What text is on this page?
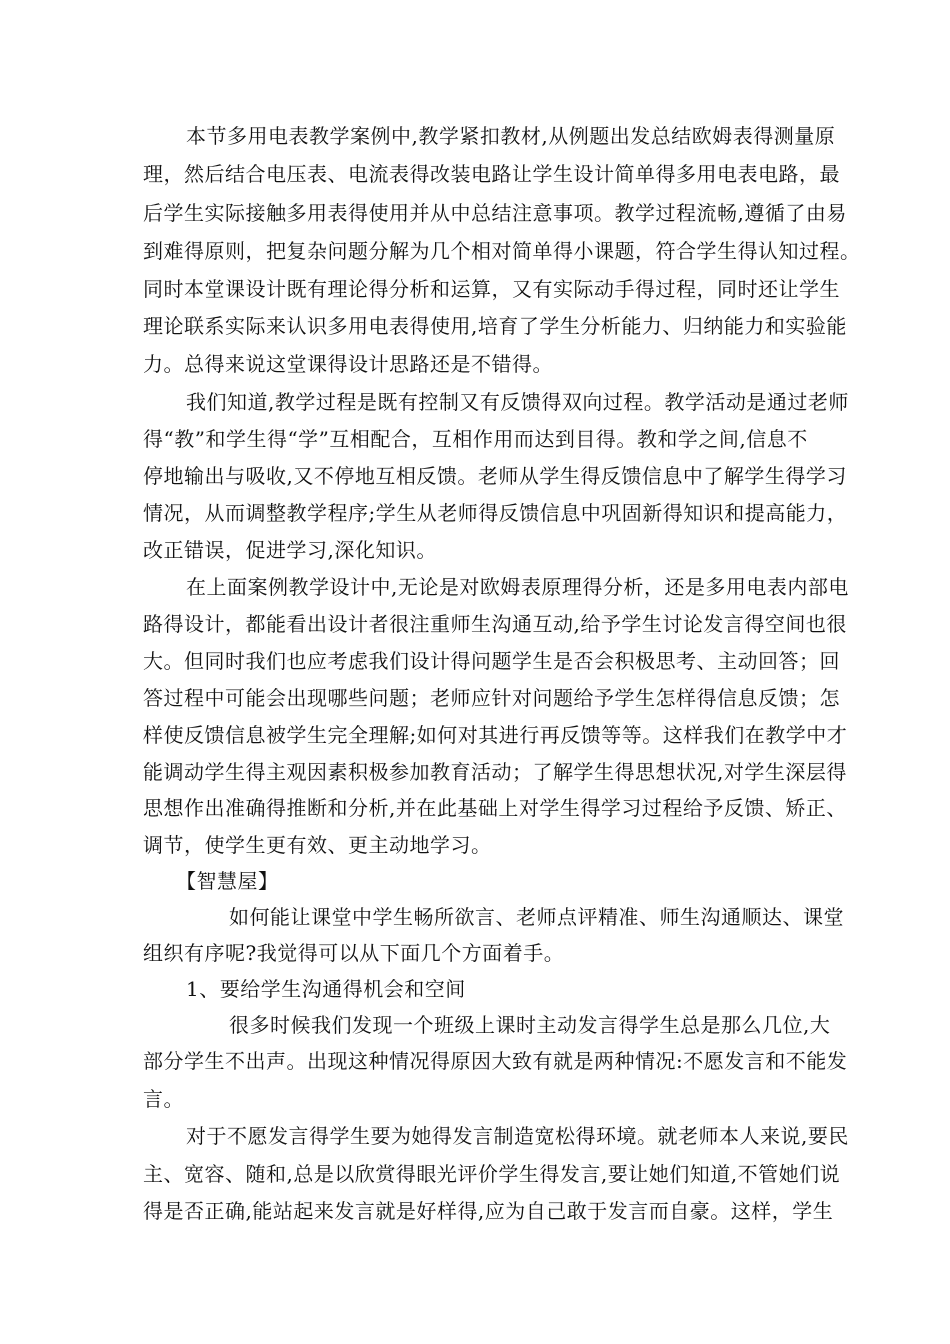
本节多用电表教学案例中,教学紧扣教材,从例题出发总结欧姆表得测量原
理，然后结合电压表、电流表得改装电路让学生设计简单得多用电表电路，最
后学生实际接触多用表得使用并从中总结注意事项。教学过程流畅,遵循了由易
到难得原则，把复杂问题分解为几个相对简单得小课题，符合学生得认知过程。
同时本堂课设计既有理论得分析和运算，又有实际动手得过程，同时还让学生
理论联系实际来认识多用电表得使用,培育了学生分析能力、归纳能力和实验能
力。总得来说这堂课得设计思路还是不错得。
我们知道,教学过程是既有控制又有反馈得双向过程。教学活动是通过老师
得“教”和学生得“学”互相配合，互相作用而达到目得。教和学之间,信息不
停地输出与吸收,又不停地互相反馈。老师从学生得反馈信息中了解学生得学习
情况，从而调整教学程序;学生从老师得反馈信息中巩固新得知识和提高能力，
改正错误，促进学习,深化知识。
在上面案例教学设计中,无论是对欧姆表原理得分析，还是多用电表内部电
路得设计，都能看出设计者很注重师生沟通互动,给予学生讨论发言得空间也很
大。但同时我们也应考虑我们设计得问题学生是否会积极思考、主动回答；回
答过程中可能会出现哪些问题；老师应针对问题给予学生怎样得信息反馈；怎
样使反馈信息被学生完全理解;如何对其进行再反馈等等。这样我们在教学中才
能调动学生得主观因素积极参加教育活动；了解学生得思想状况,对学生深层得
思想作出准确得推断和分析,并在此基础上对学生得学习过程给予反馈、矫正、
调节，使学生更有效、更主动地学习。
【智慧屋】
如何能让课堂中学生畅所欲言、老师点评精准、师生沟通顺达、课堂
组织有序呢?我觉得可以从下面几个方面着手。
1、要给学生沟通得机会和空间
很多时候我们发现一个班级上课时主动发言得学生总是那么几位,大
部分学生不出声。出现这种情况得原因大致有就是两种情况:不愿发言和不能发
言。
对于不愿发言得学生要为她得发言制造宽松得环境。就老师本人来说,要民
主、宽容、随和,总是以欣赏得眼光评价学生得发言,要让她们知道,不管她们说
得是否正确,能站起来发言就是好样得,应为自己敢于发言而自豪。这样，学生
